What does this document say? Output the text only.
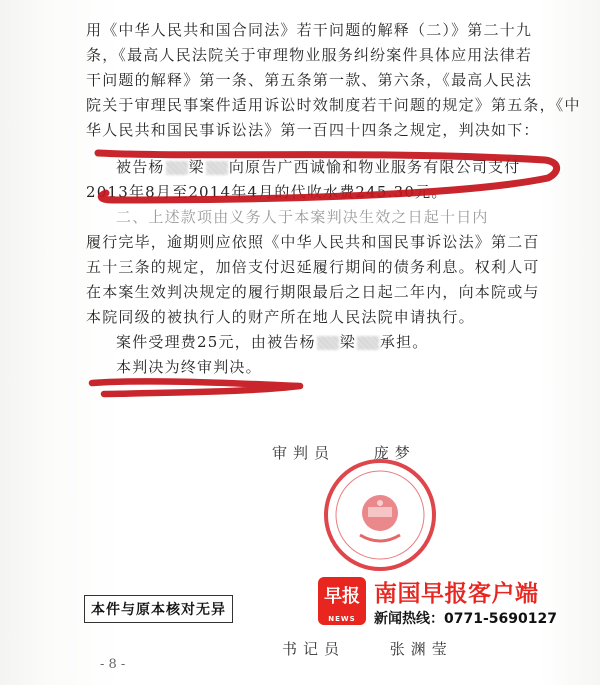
用《中华人民共和国合同法》若干问题的解释（二）》第二十九
条，《最高人民法院关于审理物业服务纠纷案件具体应用法律若
干问题的解释》第一条、第五条第一款、第六条，《最高人民法
院关于审理民事案件适用诉讼时效制度若干问题的规定》第五条，《中
华人民共和国民事诉讼法》第一百四十四条之规定，判决如下：
被告杨 梁 向原告广西诚愉和物业服务有限公司支付
2013年8月至2014年4月的代收水费245.30元。
二、上述款项由义务人于本案判决生效之日起十日内
履行完毕，逾期则应依照《中华人民共和国民事诉讼法》第二百
五十三条的规定，加倍支付迟延履行期间的债务利息。权利人可
在本案生效判决规定的履行期限最后之日起二年内，向本院或与
本院同级的被执行人的财产所在地人民法院申请执行。
案件受理费25元，由被告杨 梁 承担。
本判决为终审判决。
审判员	庞梦
早报
NEWS
南国早报客户端
新闻热线：0771-5690127
本件与原本核对无异
书记员	张渊莹
- 8 -
